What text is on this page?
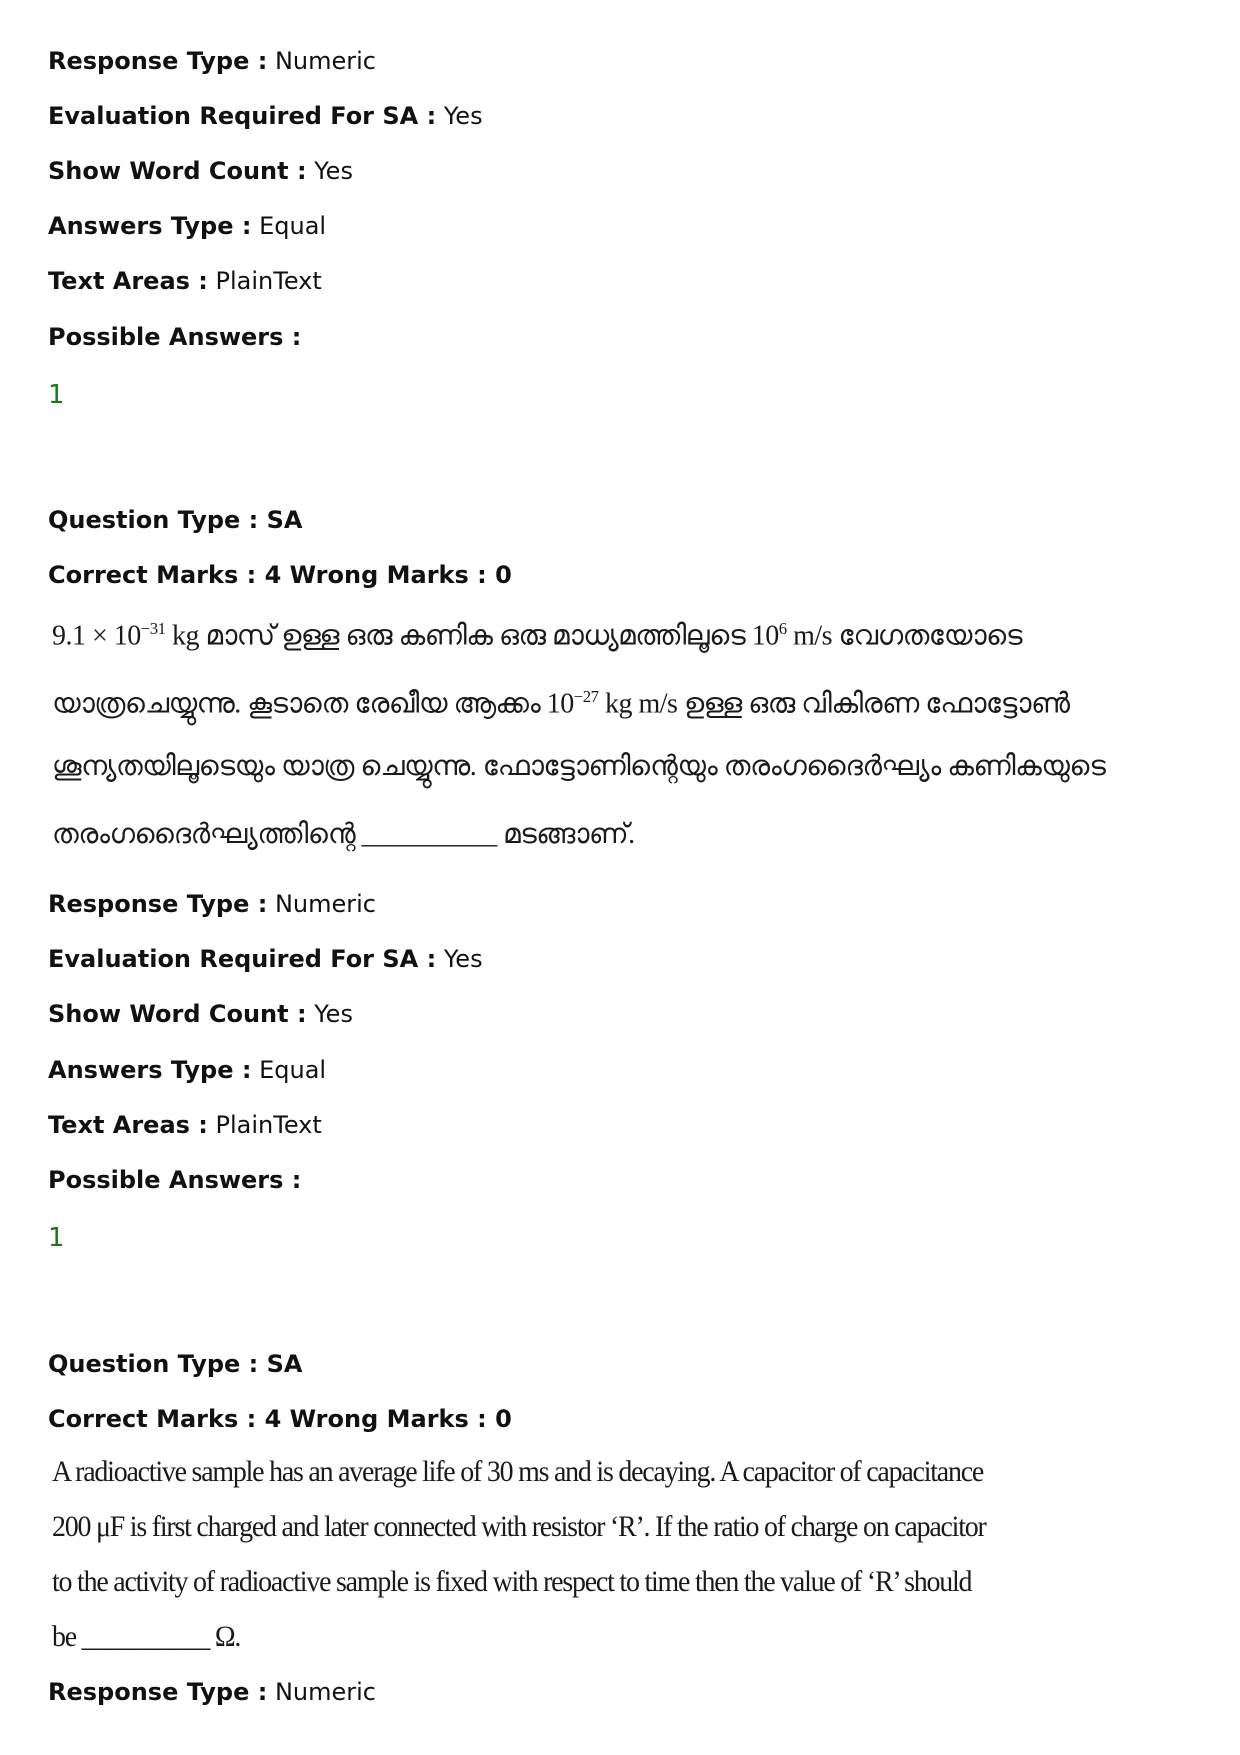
Response Type : Numeric
Evaluation Required For SA : Yes
Show Word Count : Yes
Answers Type : Equal
Text Areas : PlainText
Possible Answers :
1
Question Type : SA
Correct Marks : 4 Wrong Marks : 0
$9.1 \times 10^{-31}$ kg മാസ് ഉള്ള ഒരു കണിക ഒരു മാധ്യമത്തിലൂടെ $10^6$ m/s വേഗതയോടെ
യാത്രചെയ്യുന്നു. കൂടാതെ രേഖീയ ആക്കം $10^{-27}$ kg m/s ഉള്ള ഒരു വികിരണ ഫോട്ടോൺ
ശൂന്യതയിലൂടെയും യാത്ര ചെയ്യുന്നു. ഫോട്ടോണിന്റെയും തരംഗദൈർഘ്യം കണികയുടെ
തരംഗദൈർഘ്യത്തിന്റെ __________ മടങ്ങാണ്.
Response Type : Numeric
Evaluation Required For SA : Yes
Show Word Count : Yes
Answers Type : Equal
Text Areas : PlainText
Possible Answers :
1
Question Type : SA
Correct Marks : 4 Wrong Marks : 0
A radioactive sample has an average life of 30 ms and is decaying. A capacitor of capacitance
200 μF is first charged and later connected with resistor ‘R’. If the ratio of charge on capacitor
to the activity of radioactive sample is fixed with respect to time then the value of ‘R’ should
be __________ Ω.
Response Type : Numeric
